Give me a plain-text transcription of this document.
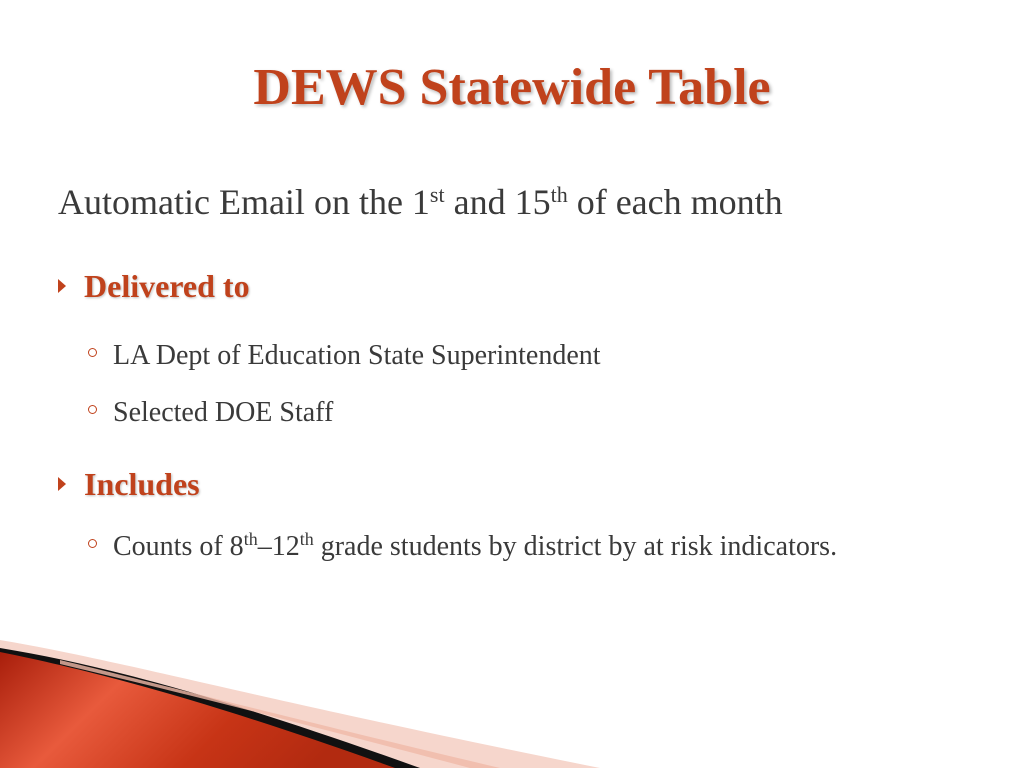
DEWS Statewide Table
Automatic Email on the 1st and 15th of each month
Delivered to
LA Dept of Education State Superintendent
Selected DOE Staff
Includes
Counts of 8th–12th grade students by district by at risk indicators.
